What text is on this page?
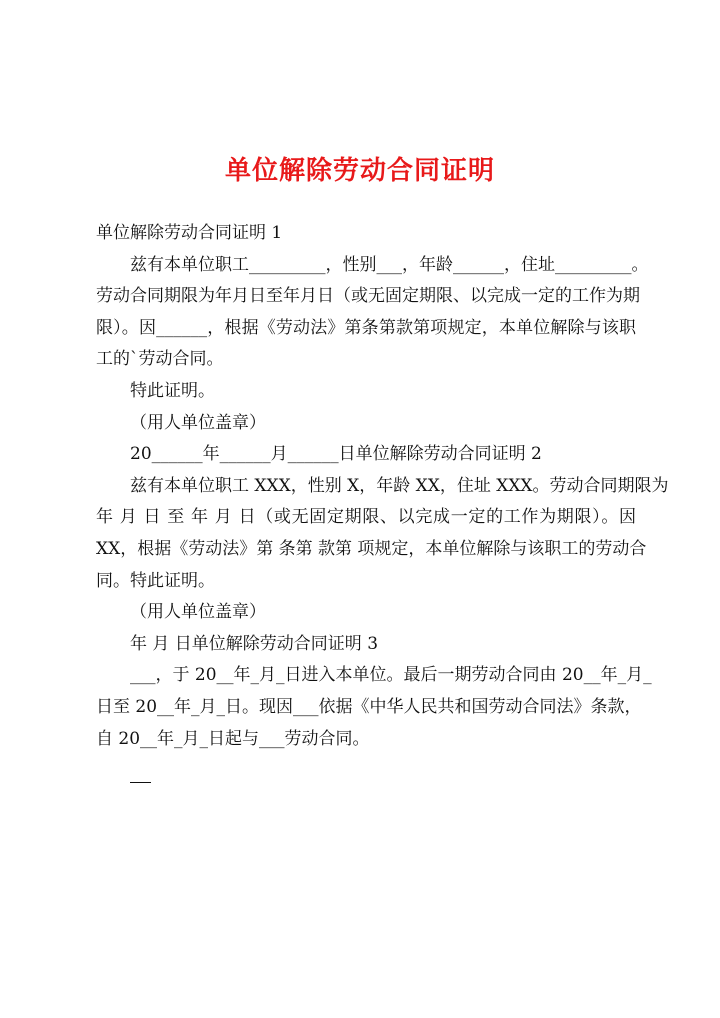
单位解除劳动合同证明

单位解除劳动合同证明 1

兹有本单位职工_________，性别___，年龄______，住址_________。

劳动合同期限为年月日至年月日（或无固定期限、以完成一定的工作为期

限）。因______，根据《劳动法》第条第款第项规定，本单位解除与该职

工的`劳动合同。

特此证明。

（用人单位盖章）

20______年______月______日单位解除劳动合同证明 2

兹有本单位职工 XXX，性别 X，年龄 XX，住址 XXX。劳动合同期限为

年 月 日 至 年 月 日（或无固定期限、以完成一定的工作为期限）。因

XX，根据《劳动法》第 条第 款第 项规定，本单位解除与该职工的劳动合

同。特此证明。

（用人单位盖章）

年 月 日单位解除劳动合同证明 3

___，于 20__年_月_日进入本单位。最后一期劳动合同由 20__年_月_

日至 20__年_月_日。现因___依据《中华人民共和国劳动合同法》条款，

自 20__年_月_日起与___劳动合同。
